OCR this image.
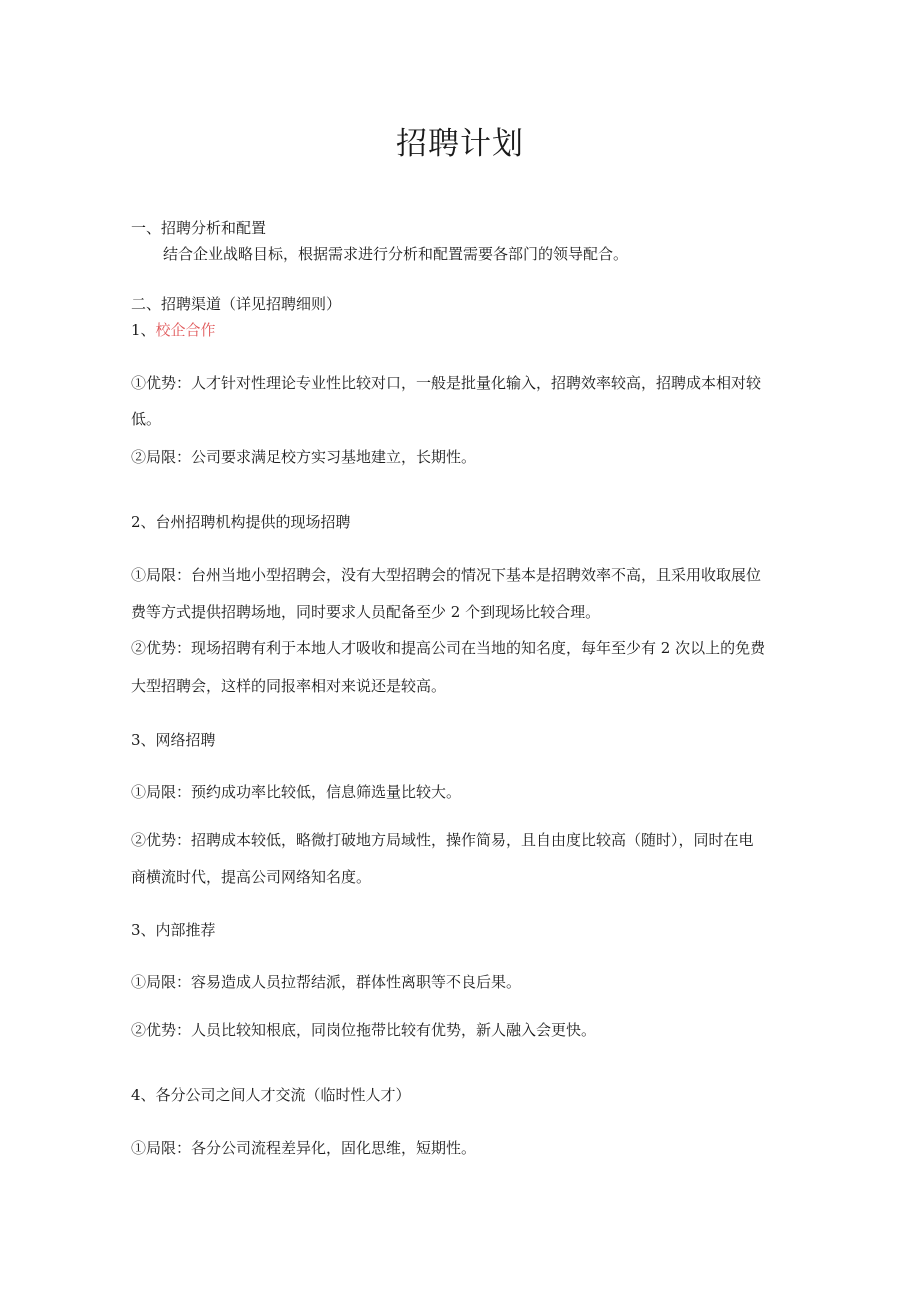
招聘计划

一、招聘分析和配置

结合企业战略目标，根据需求进行分析和配置需要各部门的领导配合。

二、招聘渠道（详见招聘细则）

1、校企合作

①优势：人才针对性理论专业性比较对口，一般是批量化输入，招聘效率较高，招聘成本相对较

低。

②局限：公司要求满足校方实习基地建立，长期性。

2、台州招聘机构提供的现场招聘

①局限：台州当地小型招聘会，没有大型招聘会的情况下基本是招聘效率不高，且采用收取展位

费等方式提供招聘场地，同时要求人员配备至少 2 个到现场比较合理。

②优势：现场招聘有利于本地人才吸收和提高公司在当地的知名度，每年至少有 2 次以上的免费

大型招聘会，这样的同报率相对来说还是较高。

3、网络招聘

①局限：预约成功率比较低，信息筛选量比较大。

②优势：招聘成本较低，略微打破地方局域性，操作简易，且自由度比较高（随时），同时在电

商横流时代，提高公司网络知名度。

3、内部推荐

①局限：容易造成人员拉帮结派，群体性离职等不良后果。

②优势：人员比较知根底，同岗位拖带比较有优势，新人融入会更快。

4、各分公司之间人才交流（临时性人才）

①局限：各分公司流程差异化，固化思维，短期性。
